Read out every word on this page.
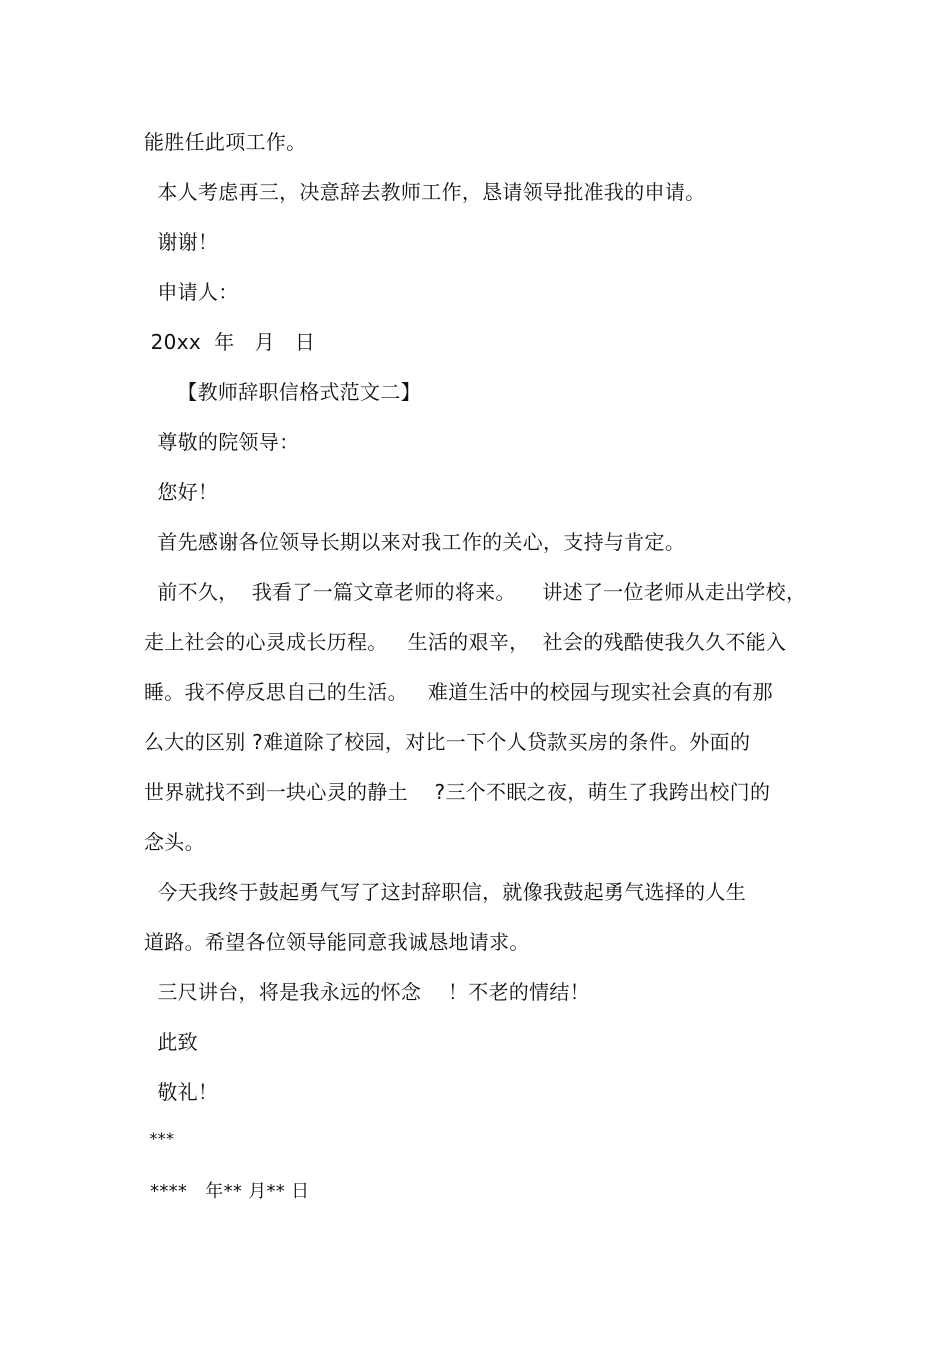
能胜任此项工作。
本人考虑再三，决意辞去教师工作，恳请领导批准我的申请。
谢谢！
申请人：
20xx  年   月   日
【教师辞职信格式范文二】
尊敬的院领导：
您好！
首先感谢各位领导长期以来对我工作的关心，支持与肯定。
前不久，  我看了一篇文章老师的将来。    讲述了一位老师从走出学校，
走上社会的心灵成长历程。   生活的艰辛，  社会的残酷使我久久不能入
睡。我不停反思自己的生活。   难道生活中的校园与现实社会真的有那
么大的区别 ?难道除了校园，对比一下个人贷款买房的条件。外面的
世界就找不到一块心灵的静土    ?三个不眠之夜，萌生了我跨出校门的
念头。
今天我终于鼓起勇气写了这封辞职信，就像我鼓起勇气选择的人生
道路。希望各位领导能同意我诚恳地请求。
三尺讲台，将是我永远的怀念    ！不老的情结！
此致
敬礼！
***
****   年** 月** 日
